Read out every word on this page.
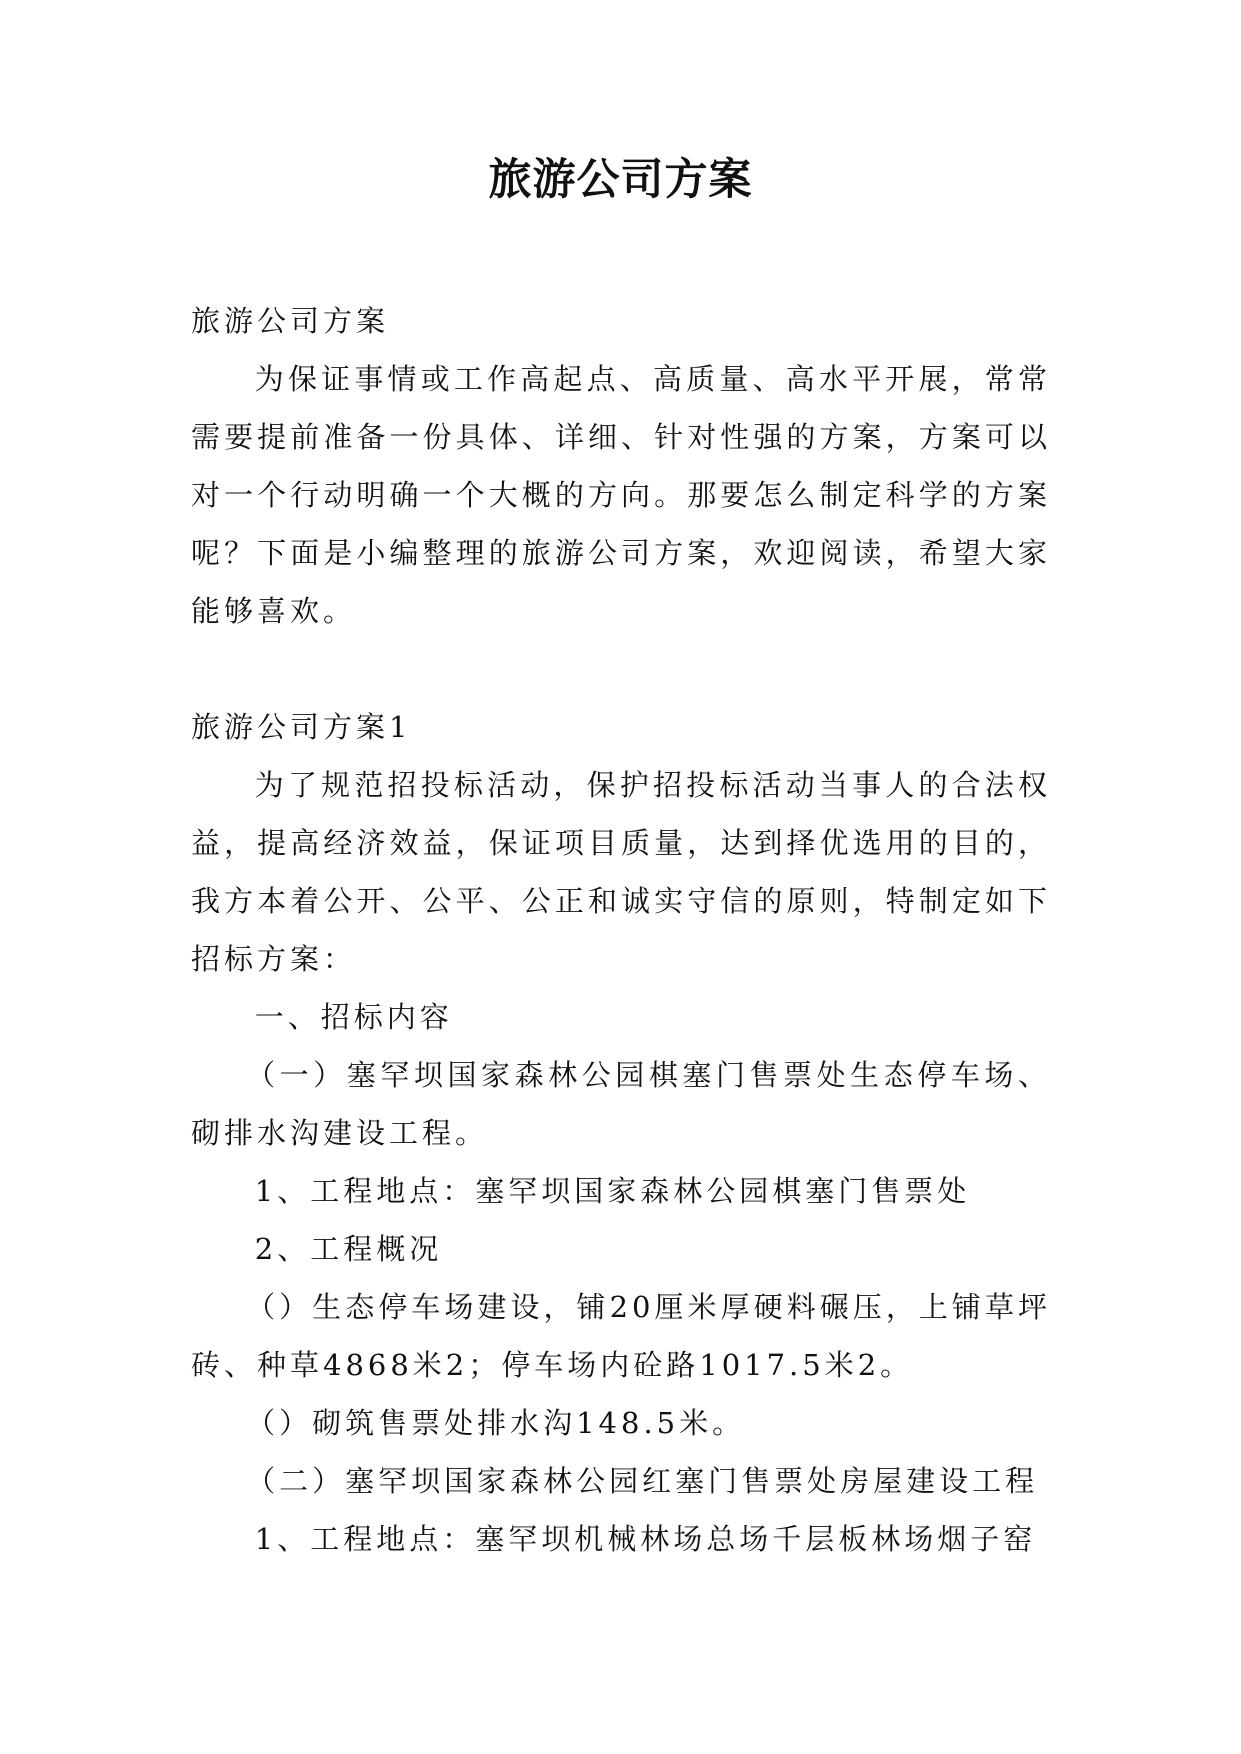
旅游公司方案

旅游公司方案

为保证事情或工作高起点、高质量、高水平开展，常常需要提前准备一份具体、详细、针对性强的方案，方案可以对一个行动明确一个大概的方向。那要怎么制定科学的方案呢？下面是小编整理的旅游公司方案，欢迎阅读，希望大家能够喜欢。

旅游公司方案1

为了规范招投标活动，保护招投标活动当事人的合法权益，提高经济效益，保证项目质量，达到择优选用的目的，我方本着公开、公平、公正和诚实守信的原则，特制定如下招标方案：

一、招标内容

（一）塞罕坝国家森林公园棋塞门售票处生态停车场、砌排水沟建设工程。

1、工程地点：塞罕坝国家森林公园棋塞门售票处

2、工程概况

（）生态停车场建设，铺20厘米厚硬料碾压，上铺草坪砖、种草4868米2；停车场内砼路1017.5米2。

（）砌筑售票处排水沟148.5米。

（二）塞罕坝国家森林公园红塞门售票处房屋建设工程

1、工程地点：塞罕坝机械林场总场千层板林场烟子窑
